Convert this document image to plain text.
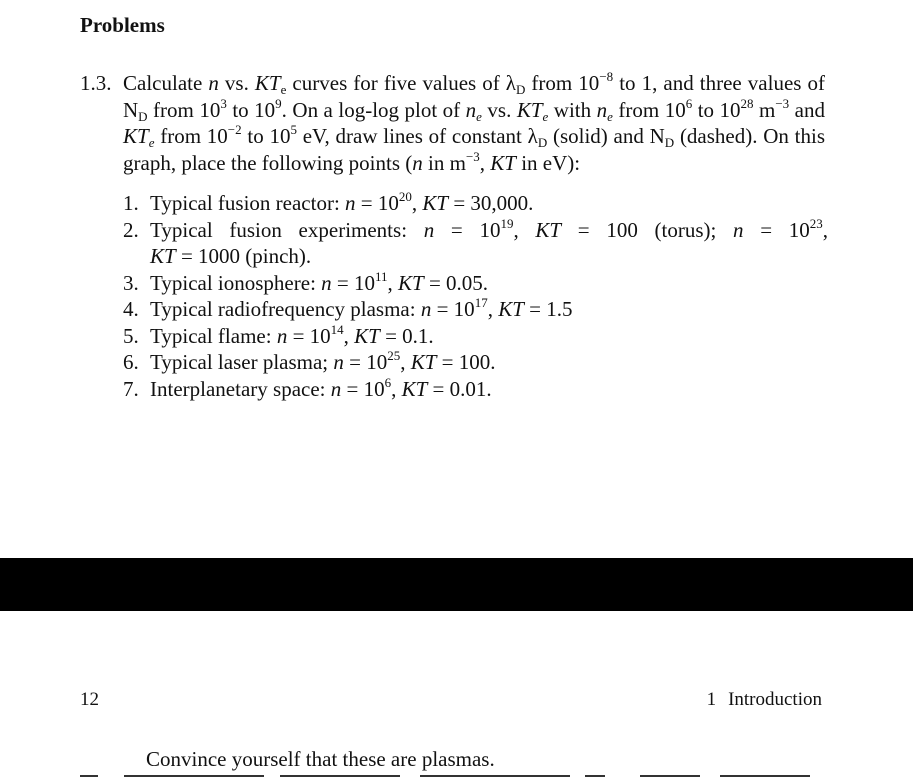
Problems
1.3. Calculate n vs. $KT_e$ curves for five values of $\lambda_D$ from $10^{-8}$ to 1, and three values of $N_D$ from $10^3$ to $10^9$. On a log-log plot of $n_e$ vs. $KT_e$ with $n_e$ from $10^6$ to $10^{28}$ $m^{-3}$ and $KT_e$ from $10^{-2}$ to $10^5$ eV, draw lines of constant $\lambda_D$ (solid) and $N_D$ (dashed). On this graph, place the following points (n in $m^{-3}$, KT in eV):
1. Typical fusion reactor: $n = 10^{20}$, KT = 30,000.
2. Typical fusion experiments: $n = 10^{19}$, KT = 100 (torus); $n = 10^{23}$,
KT = 1000 (pinch).
3. Typical ionosphere: $n = 10^{11}$, KT = 0.05.
4. Typical radiofrequency plasma: $n = 10^{17}$, KT = 1.5
5. Typical flame: $n = 10^{14}$, KT = 0.1.
6. Typical laser plasma; $n = 10^{25}$, KT = 100.
7. Interplanetary space: $n = 10^6$, KT = 0.01.
12	1 Introduction
Convince yourself that these are plasmas.
